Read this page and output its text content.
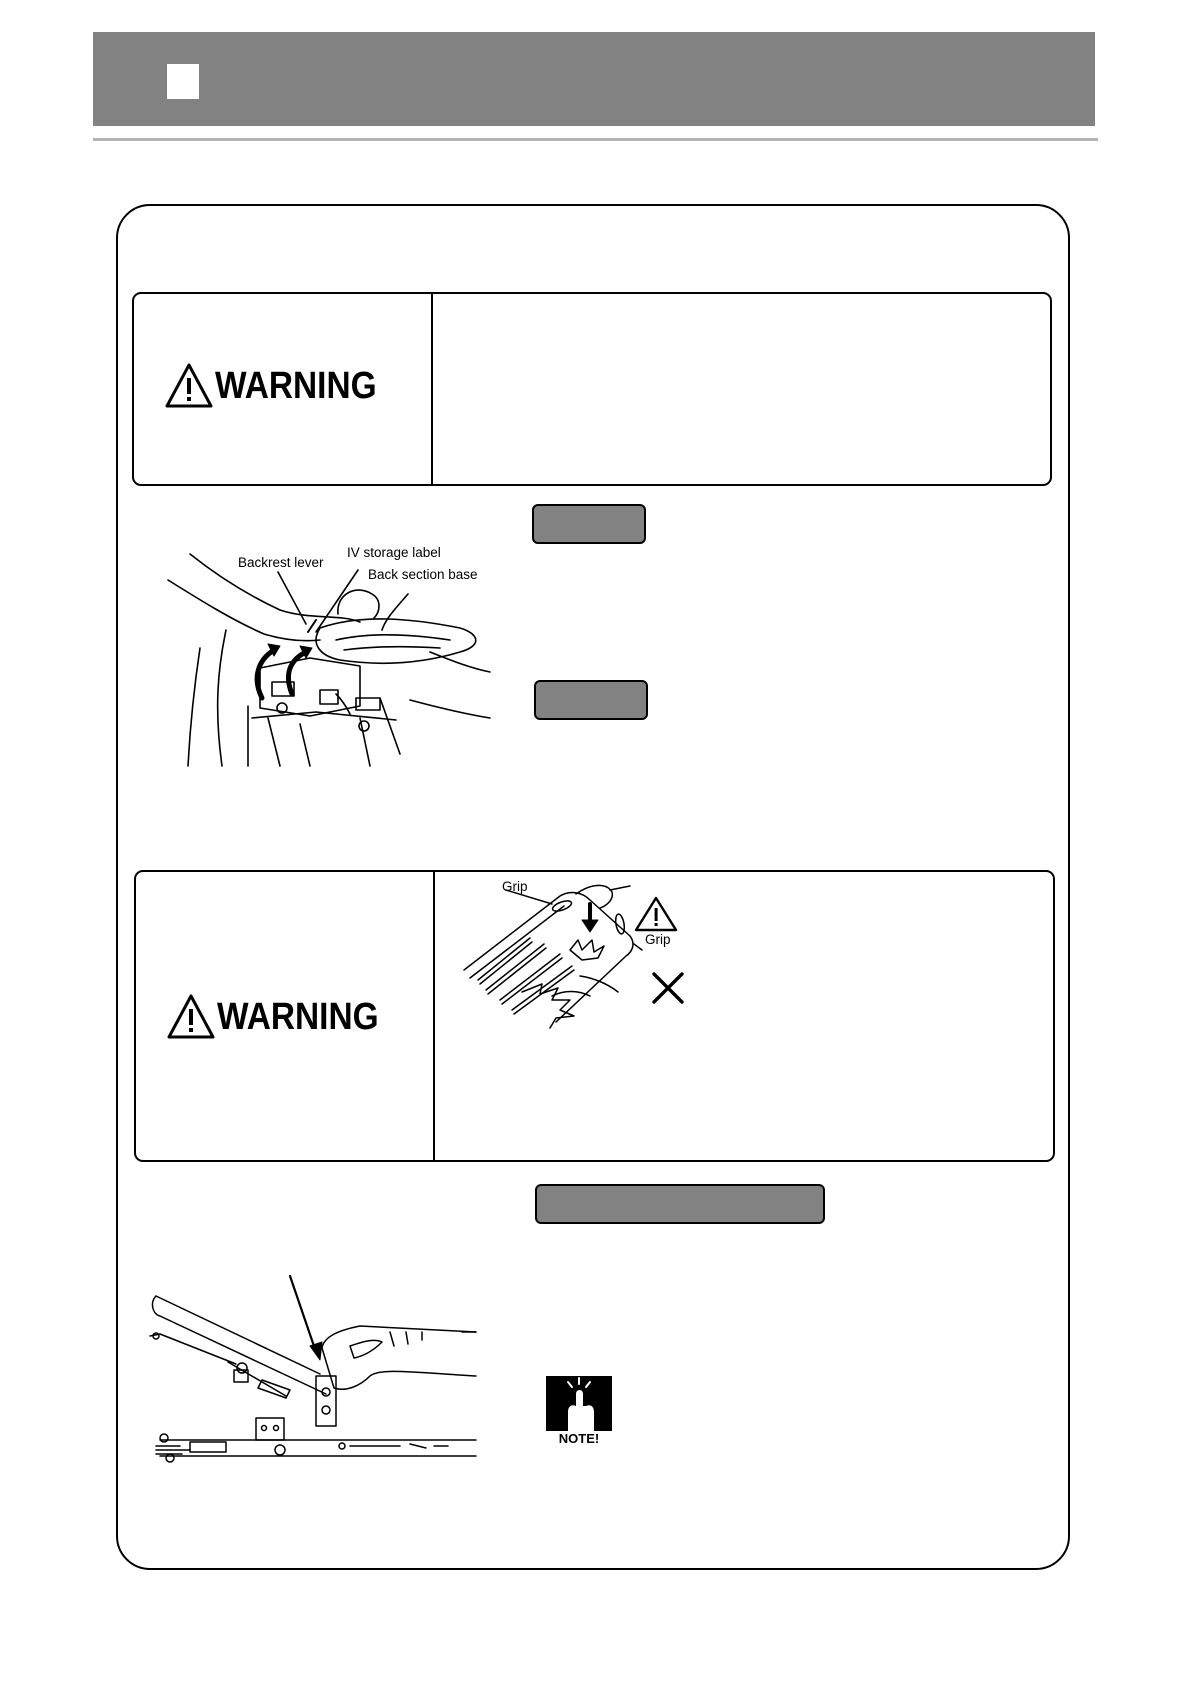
WARNING
Backrest lever
IV storage label
Back section base
WARNING
Grip
Grip
NOTE!
